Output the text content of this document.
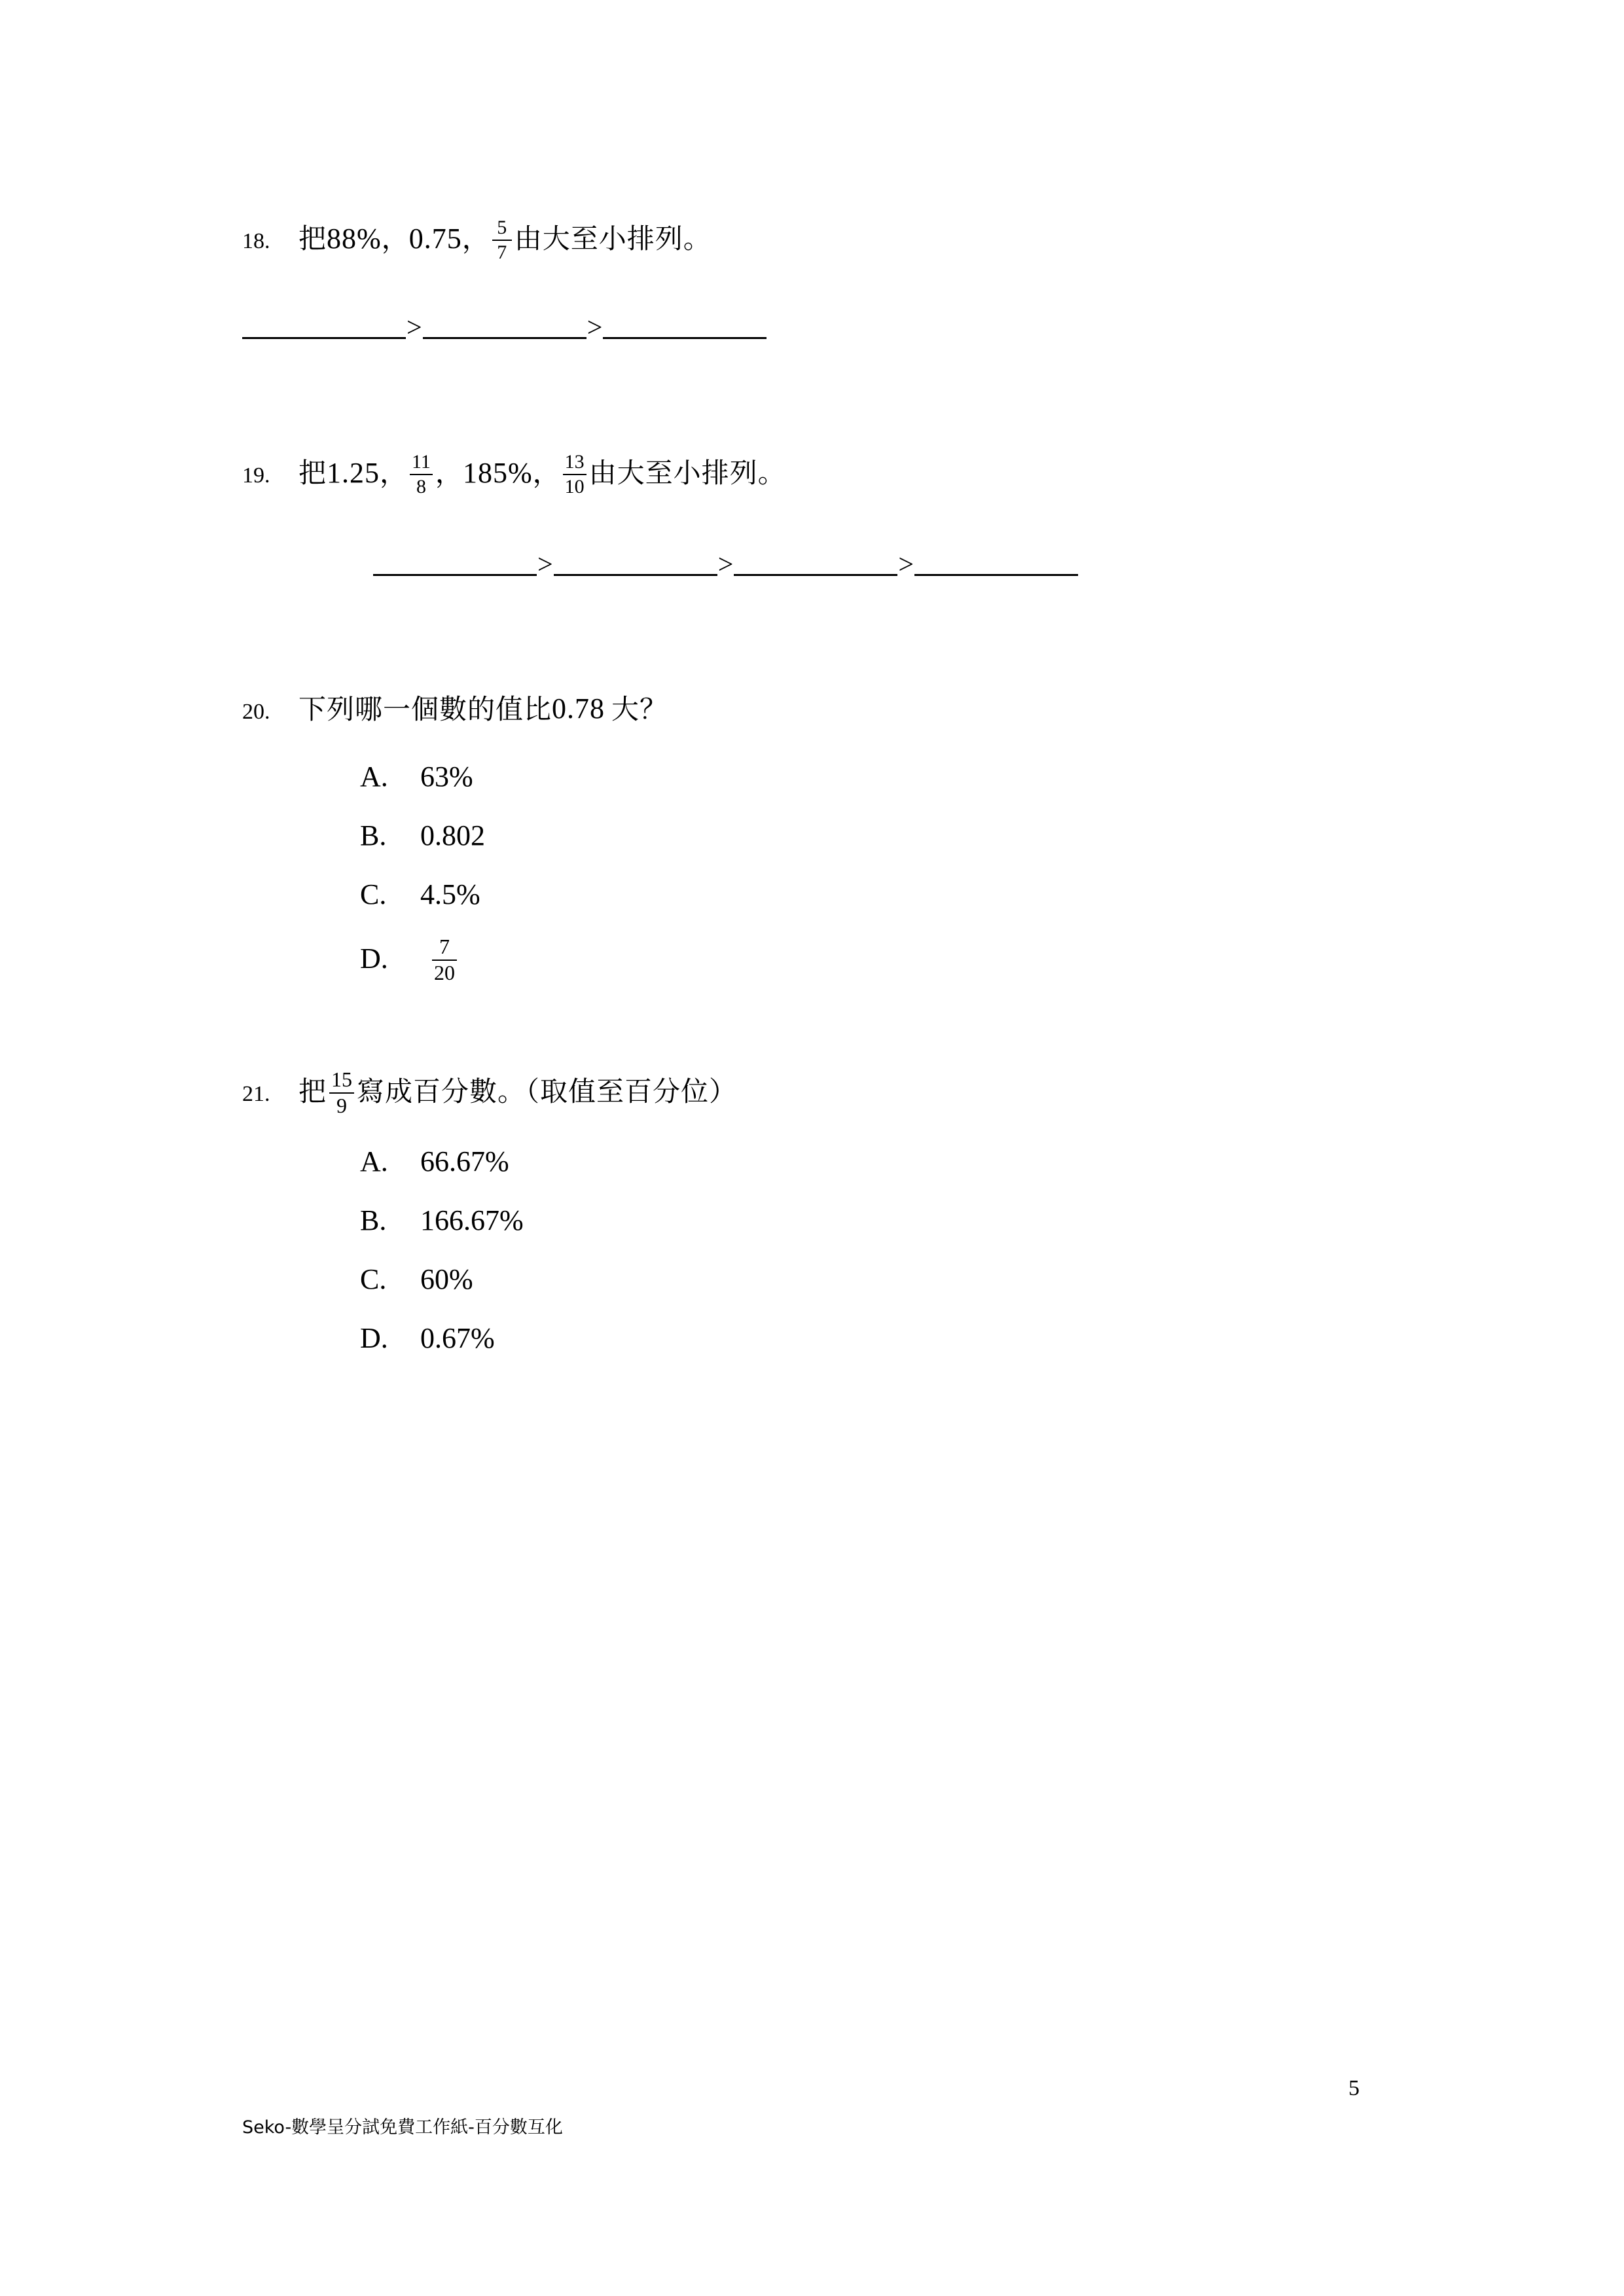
18.	把 88% ， 0.75 ， $\frac{5}{7}$ 由大至小排列。
>	>
19.	把 1.25 ， $\frac{11}{8}$ ， 185% ， $\frac{13}{10}$ 由大至小排列。
>	>	>
20.	下列哪一個數的值比 0.78 大？
A.	63%
B.	0.802
C.	4.5%
D.	$\frac{7}{20}$
21.	把 $\frac{15}{9}$ 寫成百分數。（取值至百分位）
A.	66.67%
B.	166.67%
C.	60%
D.	0.67%
5
Seko-數學呈分試免費工作紙-百分數互化
